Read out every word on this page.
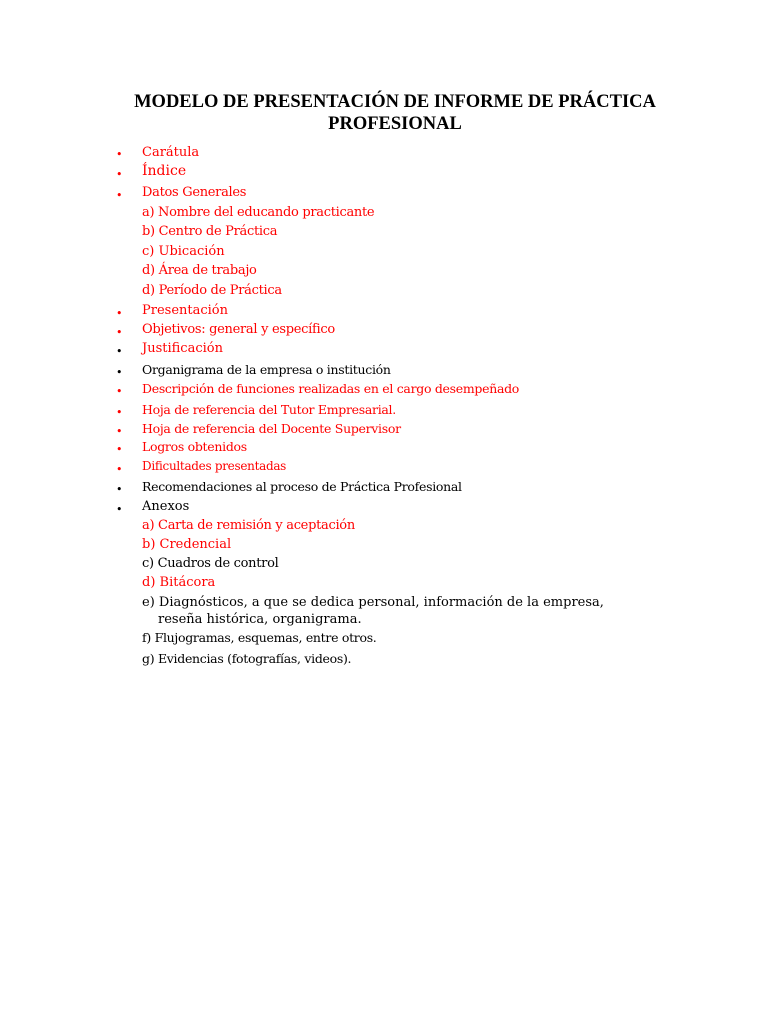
MODELO DE PRESENTACIÓN DE INFORME DE PRÁCTICA PROFESIONAL
• Carátula
• Índice
• Datos Generales
a) Nombre del educando practicante
b) Centro de Práctica
c) Ubicación
d) Área de trabajo
d) Período de Práctica
• Presentación
• Objetivos: general y específico
• Justificación
• Organigrama de la empresa o institución
• Descripción de funciones realizadas en el cargo desempeñado
• Hoja de referencia del Tutor Empresarial.
• Hoja de referencia del Docente Supervisor
• Logros obtenidos
• Dificultades presentadas
• Recomendaciones al proceso de Práctica Profesional
• Anexos
a) Carta de remisión y aceptación
b) Credencial
c) Cuadros de control
d) Bitácora
e) Diagnósticos, a que se dedica personal, información de la empresa,
reseña histórica, organigrama.
f) Flujogramas, esquemas, entre otros.
g) Evidencias (fotografías, videos).
